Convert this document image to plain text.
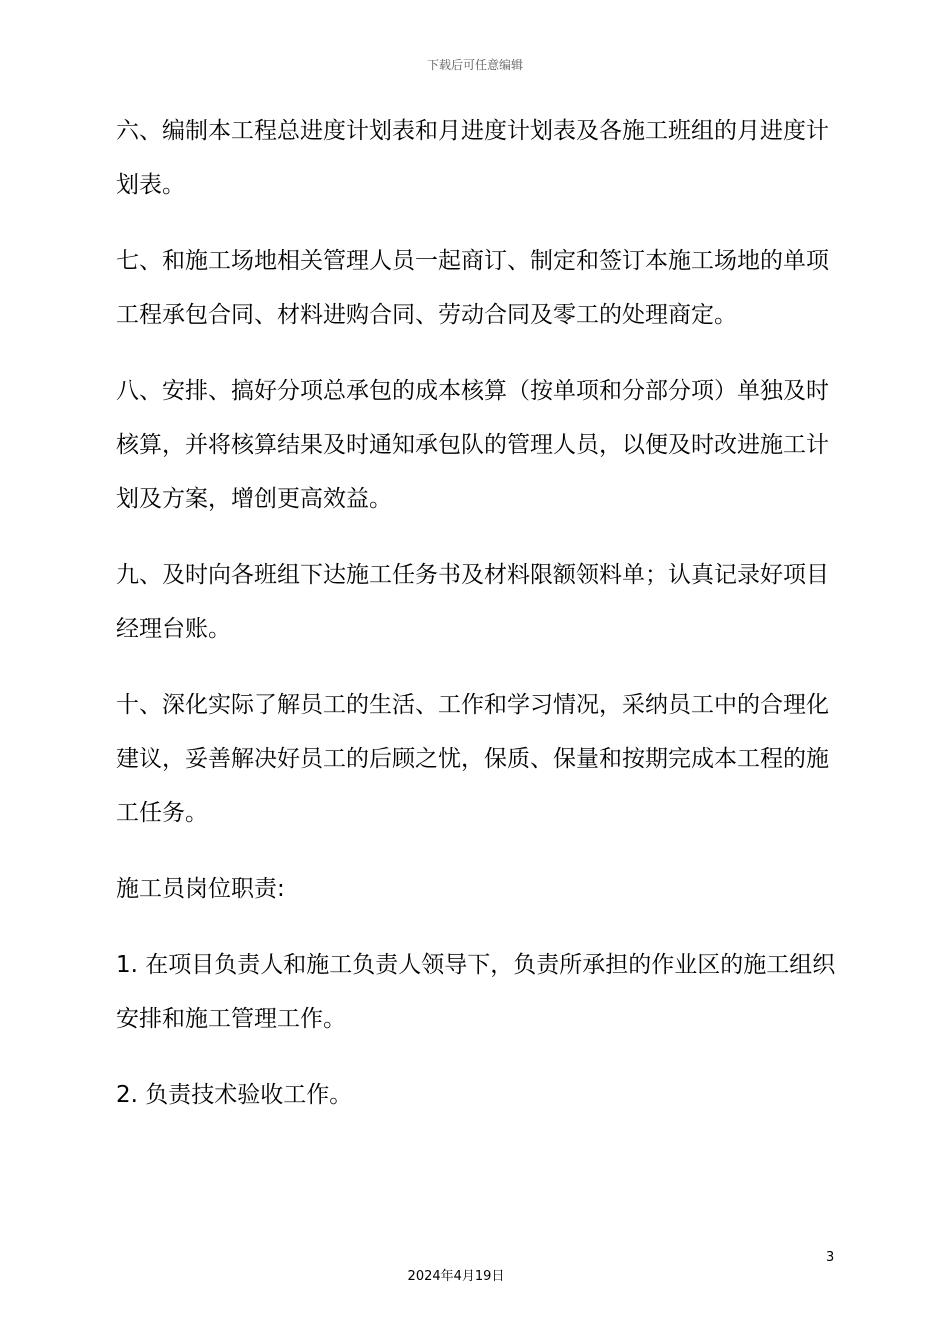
下载后可任意编辑

六、编制本工程总进度计划表和月进度计划表及各施工班组的月进度计划表。

七、和施工场地相关管理人员一起商订、制定和签订本施工场地的单项工程承包合同、材料进购合同、劳动合同及零工的处理商定。

八、安排、搞好分项总承包的成本核算（按单项和分部分项）单独及时核算，并将核算结果及时通知承包队的管理人员，以便及时改进施工计划及方案，增创更高效益。

九、及时向各班组下达施工任务书及材料限额领料单；认真记录好项目经理台账。

十、深化实际了解员工的生活、工作和学习情况，采纳员工中的合理化建议，妥善解决好员工的后顾之忧，保质、保量和按期完成本工程的施工任务。

施工员岗位职责:

1. 在项目负责人和施工负责人领导下，负责所承担的作业区的施工组织安排和施工管理工作。

2. 负责技术验收工作。

3
2024年4月19日
